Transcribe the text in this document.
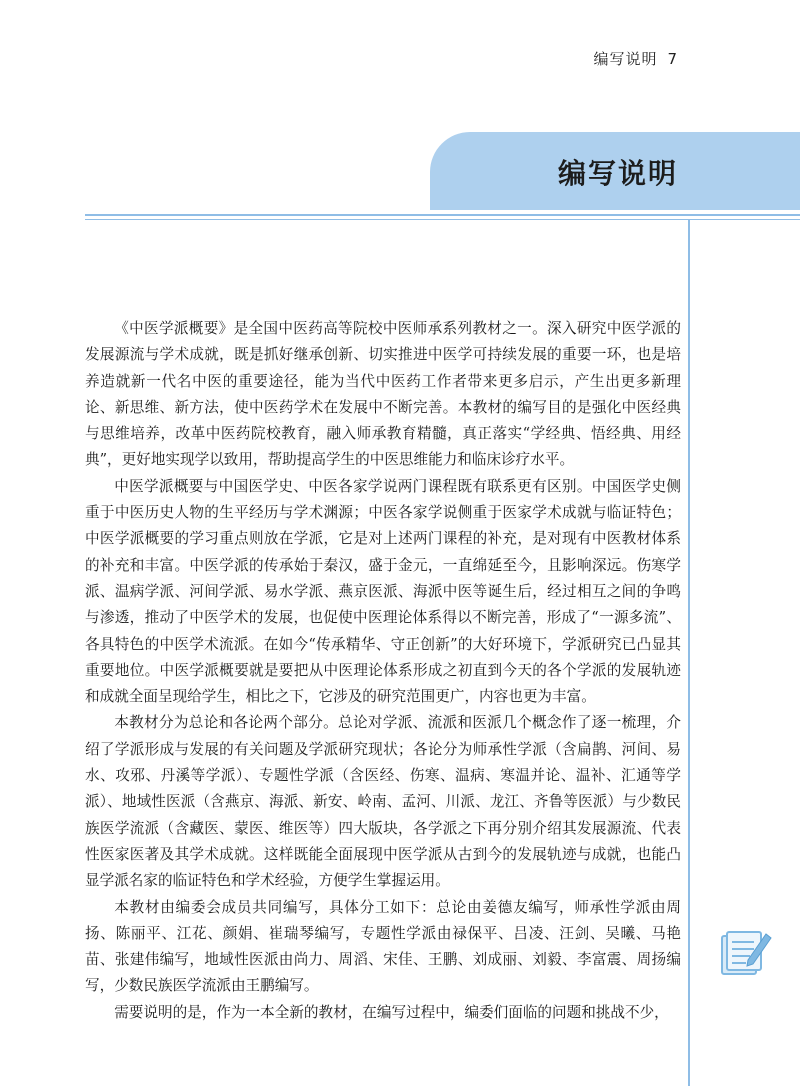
编写说明 7
编写说明

《中医学派概要》是全国中医药高等院校中医师承系列教材之一。深入研究中医学派的发展源流与学术成就，既是抓好继承创新、切实推进中医学可持续发展的重要一环，也是培养造就新一代名中医的重要途径，能为当代中医药工作者带来更多启示，产生出更多新理论、新思维、新方法，使中医药学术在发展中不断完善。本教材的编写目的是强化中医经典与思维培养，改革中医药院校教育，融入师承教育精髓，真正落实“学经典、悟经典、用经典”，更好地实现学以致用，帮助提高学生的中医思维能力和临床诊疗水平。

中医学派概要与中国医学史、中医各家学说两门课程既有联系更有区别。中国医学史侧重于中医历史人物的生平经历与学术渊源；中医各家学说侧重于医家学术成就与临证特色；中医学派概要的学习重点则放在学派，它是对上述两门课程的补充，是对现有中医教材体系的补充和丰富。中医学派的传承始于秦汉，盛于金元，一直绵延至今，且影响深远。伤寒学派、温病学派、河间学派、易水学派、燕京医派、海派中医等诞生后，经过相互之间的争鸣与渗透，推动了中医学术的发展，也促使中医理论体系得以不断完善，形成了“一源多流”、各具特色的中医学术流派。在如今“传承精华、守正创新”的大好环境下，学派研究已凸显其重要地位。中医学派概要就是要把从中医理论体系形成之初直到今天的各个学派的发展轨迹和成就全面呈现给学生，相比之下，它涉及的研究范围更广，内容也更为丰富。

本教材分为总论和各论两个部分。总论对学派、流派和医派几个概念作了逐一梳理，介绍了学派形成与发展的有关问题及学派研究现状；各论分为师承性学派（含扁鹊、河间、易水、攻邪、丹溪等学派）、专题性学派（含医经、伤寒、温病、寒温并论、温补、汇通等学派）、地域性医派（含燕京、海派、新安、岭南、孟河、川派、龙江、齐鲁等医派）与少数民族医学流派（含藏医、蒙医、维医等）四大版块，各学派之下再分别介绍其发展源流、代表性医家医著及其学术成就。这样既能全面展现中医学派从古到今的发展轨迹与成就，也能凸显学派名家的临证特色和学术经验，方便学生掌握运用。

本教材由编委会成员共同编写，具体分工如下：总论由姜德友编写，师承性学派由周扬、陈丽平、江花、颜娟、崔瑞琴编写，专题性学派由禄保平、吕凌、汪剑、吴曦、马艳苗、张建伟编写，地域性医派由尚力、周滔、宋佳、王鹏、刘成丽、刘毅、李富震、周扬编写，少数民族医学流派由王鹏编写。

需要说明的是，作为一本全新的教材，在编写过程中，编委们面临的问题和挑战不少，
